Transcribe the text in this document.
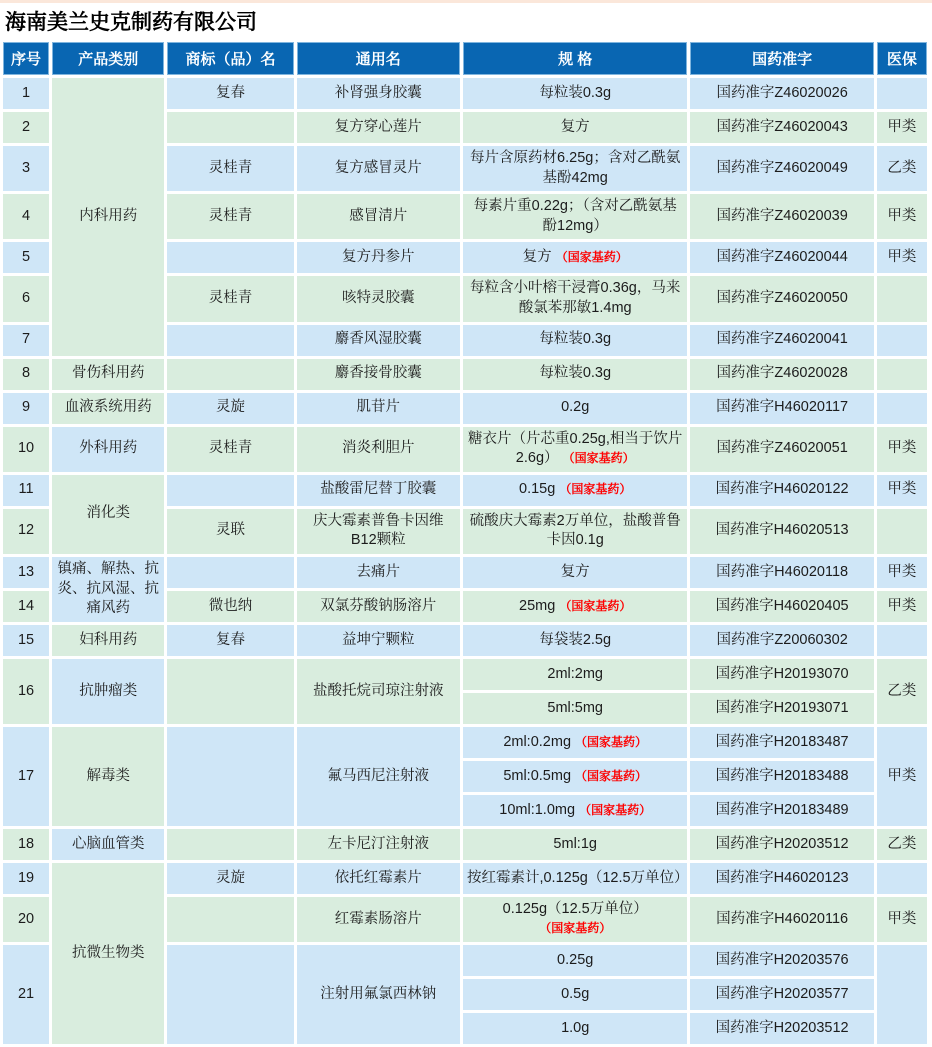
海南美兰史克制药有限公司
序号	产品类别	商标（品）名	通用名	规 格	国药准字	医保
1	内科用药	复春	补肾强身胶囊	每粒装0.3g	国药准字Z46020026	
2			复方穿心莲片	复方	国药准字Z46020043	甲类
3		灵桂青	复方感冒灵片	每片含原药材6.25g；含对乙酰氨基酚42mg	国药准字Z46020049	乙类
4		灵桂青	感冒清片	每素片重0.22g；（含对乙酰氨基酚12mg）	国药准字Z46020039	甲类
5			复方丹参片	复方 （国家基药）	国药准字Z46020044	甲类
6		灵桂青	咳特灵胶囊	每粒含小叶榕干浸膏0.36g，马来酸氯苯那敏1.4mg	国药准字Z46020050	
7			麝香风湿胶囊	每粒装0.3g	国药准字Z46020041	
8	骨伤科用药		麝香接骨胶囊	每粒装0.3g	国药准字Z46020028	
9	血液系统用药	灵旋	肌苷片	0.2g	国药准字H46020117	
10	外科用药	灵桂青	消炎利胆片	糖衣片（片芯重0.25g,相当于饮片2.6g） （国家基药）	国药准字Z46020051	甲类
11	消化类		盐酸雷尼替丁胶囊	0.15g （国家基药）	国药准字H46020122	甲类
12		灵联	庆大霉素普鲁卡因维B12颗粒	硫酸庆大霉素2万单位，盐酸普鲁卡因0.1g	国药准字H46020513	
13	镇痛、解热、抗炎、抗风湿、抗痛风药		去痛片	复方	国药准字H46020118	甲类
14		微也纳	双氯芬酸钠肠溶片	25mg （国家基药）	国药准字H46020405	甲类
15	妇科用药	复春	益坤宁颗粒	每袋装2.5g	国药准字Z20060302	
16	抗肿瘤类		盐酸托烷司琼注射液	2ml:2mg	国药准字H20193070	乙类
				5ml:5mg	国药准字H20193071	
17	解毒类		氟马西尼注射液	2ml:0.2mg （国家基药）	国药准字H20183487	甲类
				5ml:0.5mg （国家基药）	国药准字H20183488	
				10ml:1.0mg （国家基药）	国药准字H20183489	
18	心脑血管类		左卡尼汀注射液	5ml:1g	国药准字H20203512	乙类
19	抗微生物类	灵旋	依托红霉素片	按红霉素计,0.125g（12.5万单位）	国药准字H46020123	
20			红霉素肠溶片	0.125g（12.5万单位） （国家基药）	国药准字H46020116	甲类
21			注射用氟氯西林钠	0.25g	国药准字H20203576	
				0.5g	国药准字H20203577	
				1.0g	国药准字H20203512	
